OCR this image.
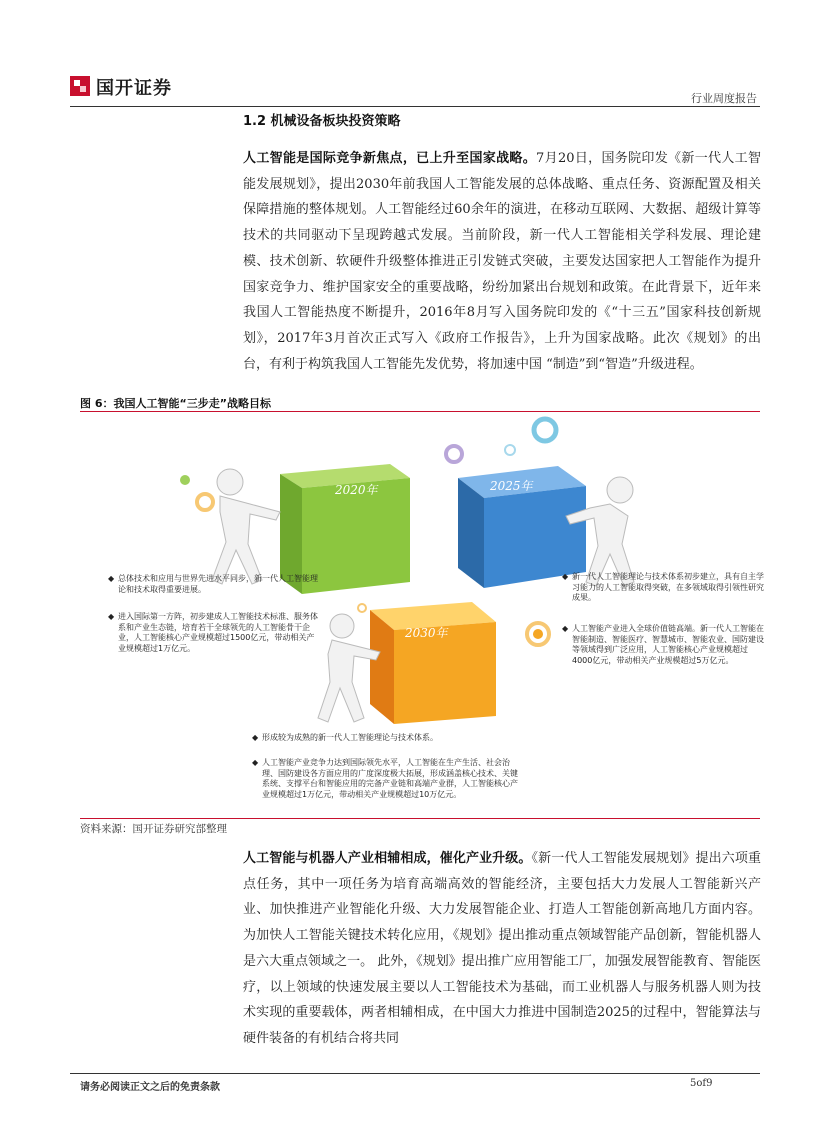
国开证券	行业周度报告
1.2 机械设备板块投资策略
人工智能是国际竞争新焦点，已上升至国家战略。7月20日，国务院印发《新一代人工智能发展规划》，提出2030年前我国人工智能发展的总体战略、重点任务、资源配置及相关保障措施的整体规划。人工智能经过60余年的演进，在移动互联网、大数据、超级计算等技术的共同驱动下呈现跨越式发展。当前阶段，新一代人工智能相关学科发展、理论建模、技术创新、软硬件升级整体推进正引发链式突破，主要发达国家把人工智能作为提升国家竞争力、维护国家安全的重要战略，纷纷加紧出台规划和政策。在此背景下，近年来我国人工智能热度不断提升，2016年8月写入国务院印发的《“十三五”国家科技创新规划》，2017年3月首次正式写入《政府工作报告》，上升为国家战略。此次《规划》的出台，有利于构筑我国人工智能先发优势，将加速中国 “制造”到“智造”升级进程。
图 6：我国人工智能“三步走”战略目标
2020年	2025年
2030年
◆ 总体技术和应用与世界先进水平同步，新一代人工智能理论和技术取得重要进展。
◆ 进入国际第一方阵，初步建成人工智能技术标准、服务体系和产业生态链，培育若干全球领先的人工智能骨干企业，人工智能核心产业规模超过1500亿元，带动相关产业规模超过1万亿元。
◆ 新一代人工智能理论与技术体系初步建立，具有自主学习能力的人工智能取得突破，在多领域取得引领性研究成果。
◆ 人工智能产业进入全球价值链高端。新一代人工智能在智能制造、智能医疗、智慧城市、智能农业、国防建设等领域得到广泛应用，人工智能核心产业规模超过4000亿元，带动相关产业规模超过5万亿元。
◆ 形成较为成熟的新一代人工智能理论与技术体系。
◆ 人工智能产业竞争力达到国际领先水平，人工智能在生产生活、社会治理、国防建设各方面应用的广度深度极大拓展，形成涵盖核心技术、关键系统、支撑平台和智能应用的完备产业链和高端产业群，人工智能核心产业规模超过1万亿元，带动相关产业规模超过10万亿元。
资料来源：国开证券研究部整理
人工智能与机器人产业相辅相成，催化产业升级。《新一代人工智能发展规划》提出六项重点任务，其中一项任务为培育高端高效的智能经济，主要包括大力发展人工智能新兴产业、加快推进产业智能化升级、大力发展智能企业、打造人工智能创新高地几方面内容。为加快人工智能关键技术转化应用，《规划》提出推动重点领域智能产品创新，智能机器人是六大重点领域之一。 此外，《规划》提出推广应用智能工厂，加强发展智能教育、智能医疗，以上领域的快速发展主要以人工智能技术为基础，而工业机器人与服务机器人则为技术实现的重要载体，两者相辅相成，在中国大力推进中国制造2025的过程中，智能算法与硬件装备的有机结合将共同
请务必阅读正文之后的免责条款	5of9
